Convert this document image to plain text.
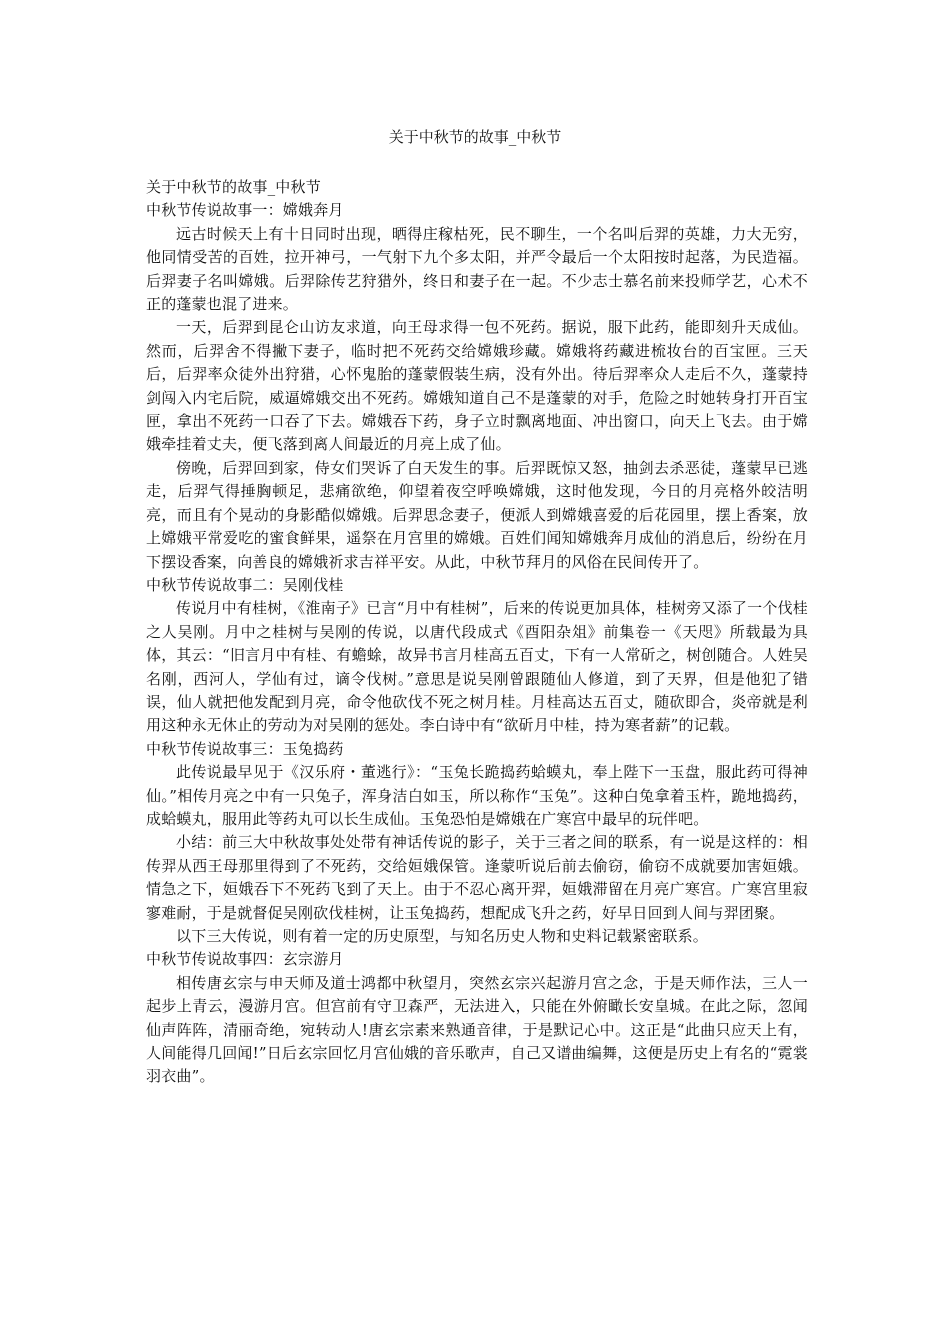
关于中秋节的故事_中秋节

关于中秋节的故事_中秋节

中秋节传说故事一：嫦娥奔月

远古时候天上有十日同时出现，晒得庄稼枯死，民不聊生，一个名叫后羿的英雄，力大无穷，他同情受苦的百姓，拉开神弓，一气射下九个多太阳，并严令最后一个太阳按时起落，为民造福。后羿妻子名叫嫦娥。后羿除传艺狩猎外，终日和妻子在一起。不少志士慕名前来投师学艺，心术不正的蓬蒙也混了进来。

一天，后羿到昆仑山访友求道，向王母求得一包不死药。据说，服下此药，能即刻升天成仙。然而，后羿舍不得撇下妻子，临时把不死药交给嫦娥珍藏。嫦娥将药藏进梳妆台的百宝匣。三天后，后羿率众徒外出狩猎，心怀鬼胎的蓬蒙假装生病，没有外出。待后羿率众人走后不久，蓬蒙持剑闯入内宅后院，威逼嫦娥交出不死药。嫦娥知道自己不是蓬蒙的对手，危险之时她转身打开百宝匣，拿出不死药一口吞了下去。嫦娥吞下药，身子立时飘离地面、冲出窗口，向天上飞去。由于嫦娥牵挂着丈夫，便飞落到离人间最近的月亮上成了仙。

傍晚，后羿回到家，侍女们哭诉了白天发生的事。后羿既惊又怒，抽剑去杀恶徒，蓬蒙早已逃走，后羿气得捶胸顿足，悲痛欲绝，仰望着夜空呼唤嫦娥，这时他发现，今日的月亮格外皎洁明亮，而且有个晃动的身影酷似嫦娥。后羿思念妻子，便派人到嫦娥喜爱的后花园里，摆上香案，放上嫦娥平常爱吃的蜜食鲜果，遥祭在月宫里的嫦娥。百姓们闻知嫦娥奔月成仙的消息后，纷纷在月下摆设香案，向善良的嫦娥祈求吉祥平安。从此，中秋节拜月的风俗在民间传开了。

中秋节传说故事二：吴刚伐桂

传说月中有桂树，《淮南子》已言“月中有桂树”，后来的传说更加具体，桂树旁又添了一个伐桂之人吴刚。月中之桂树与吴刚的传说，以唐代段成式《酉阳杂俎》前集卷一《天咫》所载最为具体，其云：“旧言月中有桂、有蟾蜍，故异书言月桂高五百丈，下有一人常斫之，树创随合。人姓吴名刚，西河人，学仙有过，谪令伐树。”意思是说吴刚曾跟随仙人修道，到了天界，但是他犯了错误，仙人就把他发配到月亮，命令他砍伐不死之树月桂。月桂高达五百丈，随砍即合，炎帝就是利用这种永无休止的劳动为对吴刚的惩处。李白诗中有“欲斫月中桂，持为寒者薪”的记载。

中秋节传说故事三：玉兔捣药

此传说最早见于《汉乐府・董逃行》：“玉兔长跪捣药蛤蟆丸，奉上陛下一玉盘，服此药可得神仙。”相传月亮之中有一只兔子，浑身洁白如玉，所以称作“玉兔”。这种白兔拿着玉杵，跪地捣药，成蛤蟆丸，服用此等药丸可以长生成仙。玉兔恐怕是嫦娥在广寒宫中最早的玩伴吧。

小结：前三大中秋故事处处带有神话传说的影子，关于三者之间的联系，有一说是这样的：相传羿从西王母那里得到了不死药，交给姮娥保管。逢蒙听说后前去偷窃，偷窃不成就要加害姮娥。情急之下，姮娥吞下不死药飞到了天上。由于不忍心离开羿，姮娥滞留在月亮广寒宫。广寒宫里寂寥难耐，于是就督促吴刚砍伐桂树，让玉兔捣药，想配成飞升之药，好早日回到人间与羿团聚。

以下三大传说，则有着一定的历史原型，与知名历史人物和史料记载紧密联系。

中秋节传说故事四：玄宗游月

相传唐玄宗与申天师及道士鸿都中秋望月，突然玄宗兴起游月宫之念，于是天师作法，三人一起步上青云，漫游月宫。但宫前有守卫森严，无法进入，只能在外俯瞰长安皇城。在此之际，忽闻仙声阵阵，清丽奇绝，宛转动人!唐玄宗素来熟通音律，于是默记心中。这正是“此曲只应天上有，人间能得几回闻!”日后玄宗回忆月宫仙娥的音乐歌声，自己又谱曲编舞，这便是历史上有名的“霓裳羽衣曲”。
